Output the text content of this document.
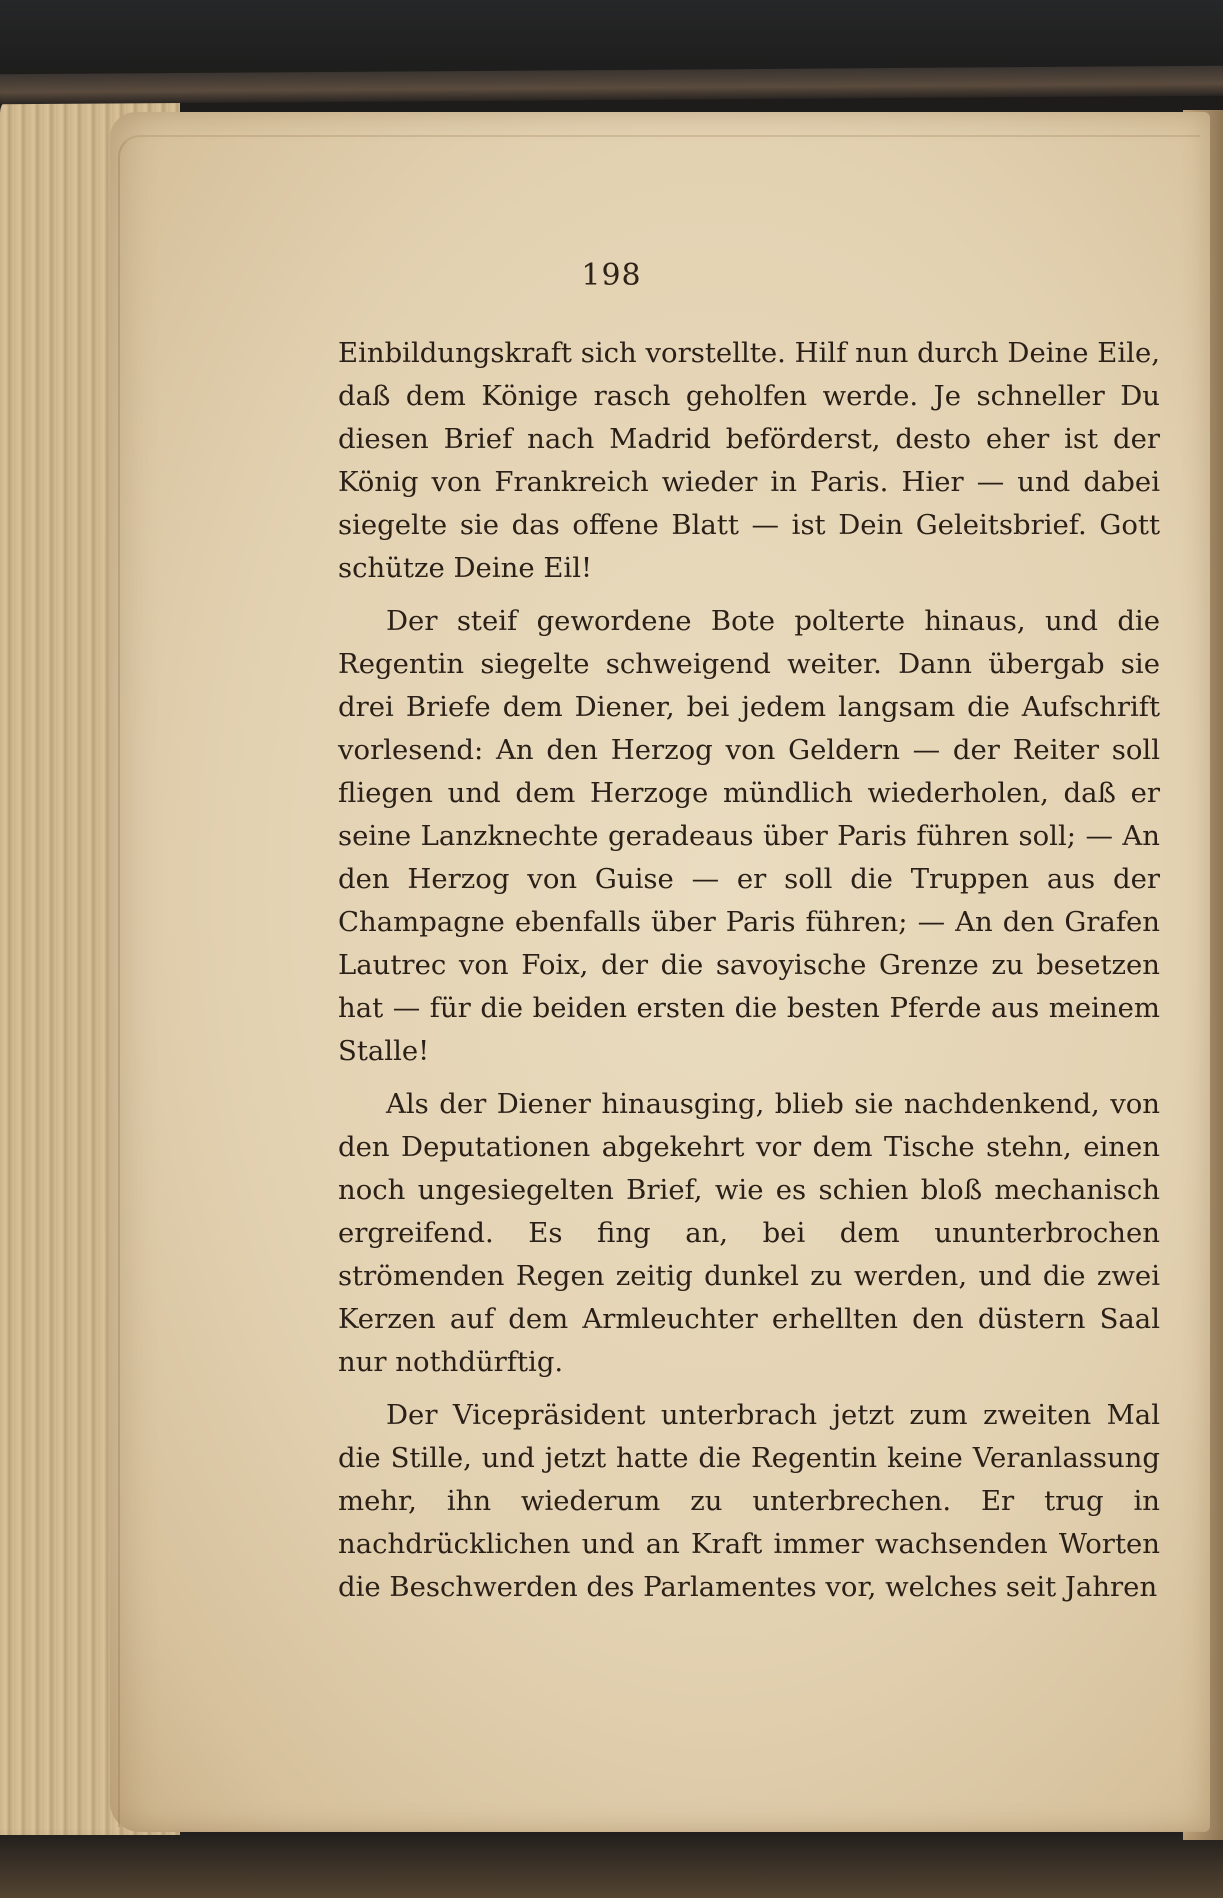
198

Einbildungskraft sich vorstellte. Hilf nun durch Deine Eile, daß dem Könige rasch geholfen werde. Je schneller Du diesen Brief nach Madrid beförderst, desto eher ist der König von Frankreich wieder in Paris. Hier — und dabei siegelte sie das offene Blatt — ist Dein Geleitsbrief. Gott schütze Deine Eil!

Der steif gewordene Bote polterte hinaus, und die Regentin siegelte schweigend weiter. Dann übergab sie drei Briefe dem Diener, bei jedem langsam die Aufschrift vorlesend: An den Herzog von Geldern — der Reiter soll fliegen und dem Herzoge mündlich wiederholen, daß er seine Lanzknechte geradeaus über Paris führen soll; — An den Herzog von Guise — er soll die Truppen aus der Champagne ebenfalls über Paris führen; — An den Grafen Lautrec von Foix, der die savoyische Grenze zu besetzen hat — für die beiden ersten die besten Pferde aus meinem Stalle!

Als der Diener hinausging, blieb sie nachdenkend, von den Deputationen abgekehrt vor dem Tische stehn, einen noch ungesiegelten Brief, wie es schien bloß mechanisch ergreifend. Es fing an, bei dem ununterbrochen strömenden Regen zeitig dunkel zu werden, und die zwei Kerzen auf dem Armleuchter erhellten den düstern Saal nur nothdürftig.

Der Vicepräsident unterbrach jetzt zum zweiten Mal die Stille, und jetzt hatte die Regentin keine Veranlassung mehr, ihn wiederum zu unterbrechen. Er trug in nachdrücklichen und an Kraft immer wachsenden Worten die Beschwerden des Parlamentes vor, welches seit Jahren
